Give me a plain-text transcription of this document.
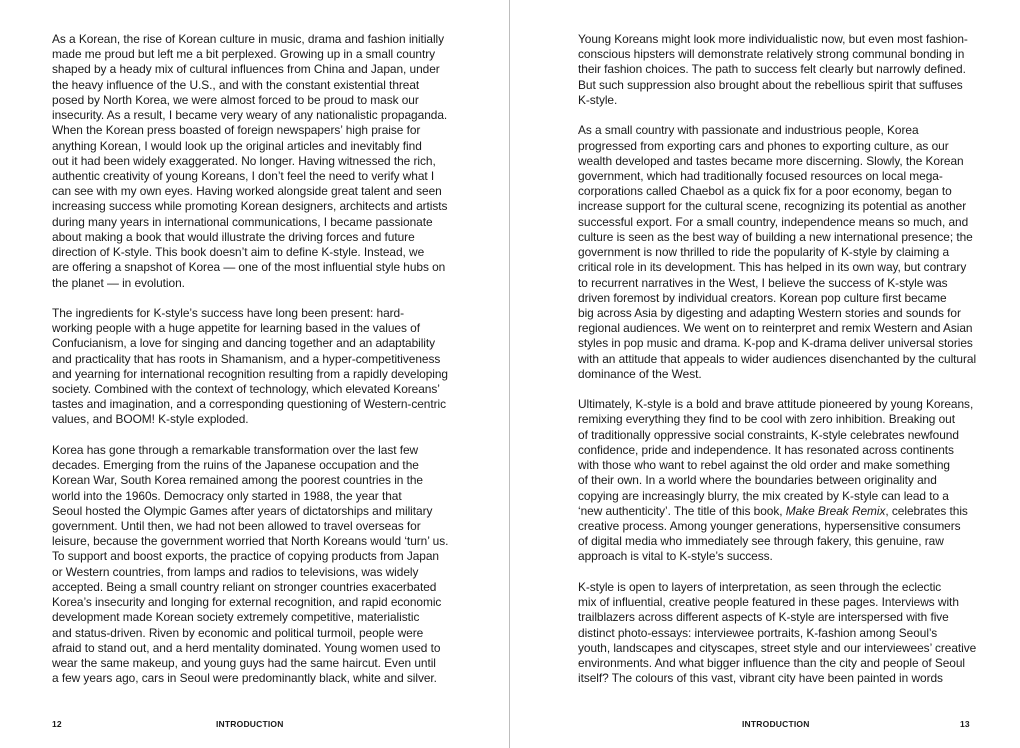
As a Korean, the rise of Korean culture in music, drama and fashion initially
made me proud but left me a bit perplexed. Growing up in a small country
shaped by a heady mix of cultural influences from China and Japan, under
the heavy influence of the U.S., and with the constant existential threat
posed by North Korea, we were almost forced to be proud to mask our
insecurity. As a result, I became very weary of any nationalistic propaganda.
When the Korean press boasted of foreign newspapers’ high praise for
anything Korean, I would look up the original articles and inevitably find
out it had been widely exaggerated. No longer. Having witnessed the rich,
authentic creativity of young Koreans, I don’t feel the need to verify what I
can see with my own eyes. Having worked alongside great talent and seen
increasing success while promoting Korean designers, architects and artists
during many years in international communications, I became passionate
about making a book that would illustrate the driving forces and future
direction of K-style. This book doesn’t aim to define K-style. Instead, we
are offering a snapshot of Korea — one of the most influential style hubs on
the planet — in evolution.
The ingredients for K-style’s success have long been present: hard-
working people with a huge appetite for learning based in the values of
Confucianism, a love for singing and dancing together and an adaptability
and practicality that has roots in Shamanism, and a hyper-competitiveness
and yearning for international recognition resulting from a rapidly developing
society. Combined with the context of technology, which elevated Koreans’
tastes and imagination, and a corresponding questioning of Western-centric
values, and BOOM! K-style exploded.
Korea has gone through a remarkable transformation over the last few
decades. Emerging from the ruins of the Japanese occupation and the
Korean War, South Korea remained among the poorest countries in the
world into the 1960s. Democracy only started in 1988, the year that
Seoul hosted the Olympic Games after years of dictatorships and military
government. Until then, we had not been allowed to travel overseas for
leisure, because the government worried that North Koreans would ‘turn’ us.
To support and boost exports, the practice of copying products from Japan
or Western countries, from lamps and radios to televisions, was widely
accepted. Being a small country reliant on stronger countries exacerbated
Korea’s insecurity and longing for external recognition, and rapid economic
development made Korean society extremely competitive, materialistic
and status-driven. Riven by economic and political turmoil, people were
afraid to stand out, and a herd mentality dominated. Young women used to
wear the same makeup, and young guys had the same haircut. Even until
a few years ago, cars in Seoul were predominantly black, white and silver.
12	INTRODUCTION
Young Koreans might look more individualistic now, but even most fashion-
conscious hipsters will demonstrate relatively strong communal bonding in
their fashion choices. The path to success felt clearly but narrowly defined.
But such suppression also brought about the rebellious spirit that suffuses
K-style.
As a small country with passionate and industrious people, Korea
progressed from exporting cars and phones to exporting culture, as our
wealth developed and tastes became more discerning. Slowly, the Korean
government, which had traditionally focused resources on local mega-
corporations called Chaebol as a quick fix for a poor economy, began to
increase support for the cultural scene, recognizing its potential as another
successful export. For a small country, independence means so much, and
culture is seen as the best way of building a new international presence; the
government is now thrilled to ride the popularity of K-style by claiming a
critical role in its development. This has helped in its own way, but contrary
to recurrent narratives in the West, I believe the success of K-style was
driven foremost by individual creators. Korean pop culture first became
big across Asia by digesting and adapting Western stories and sounds for
regional audiences. We went on to reinterpret and remix Western and Asian
styles in pop music and drama. K-pop and K-drama deliver universal stories
with an attitude that appeals to wider audiences disenchanted by the cultural
dominance of the West.
Ultimately, K-style is a bold and brave attitude pioneered by young Koreans,
remixing everything they find to be cool with zero inhibition. Breaking out
of traditionally oppressive social constraints, K-style celebrates newfound
confidence, pride and independence. It has resonated across continents
with those who want to rebel against the old order and make something
of their own. In a world where the boundaries between originality and
copying are increasingly blurry, the mix created by K-style can lead to a
‘new authenticity’. The title of this book, Make Break Remix, celebrates this
creative process. Among younger generations, hypersensitive consumers
of digital media who immediately see through fakery, this genuine, raw
approach is vital to K-style’s success.
K-style is open to layers of interpretation, as seen through the eclectic
mix of influential, creative people featured in these pages. Interviews with
trailblazers across different aspects of K-style are interspersed with five
distinct photo-essays: interviewee portraits, K-fashion among Seoul’s
youth, landscapes and cityscapes, street style and our interviewees’ creative
environments. And what bigger influence than the city and people of Seoul
itself? The colours of this vast, vibrant city have been painted in words
INTRODUCTION	13
